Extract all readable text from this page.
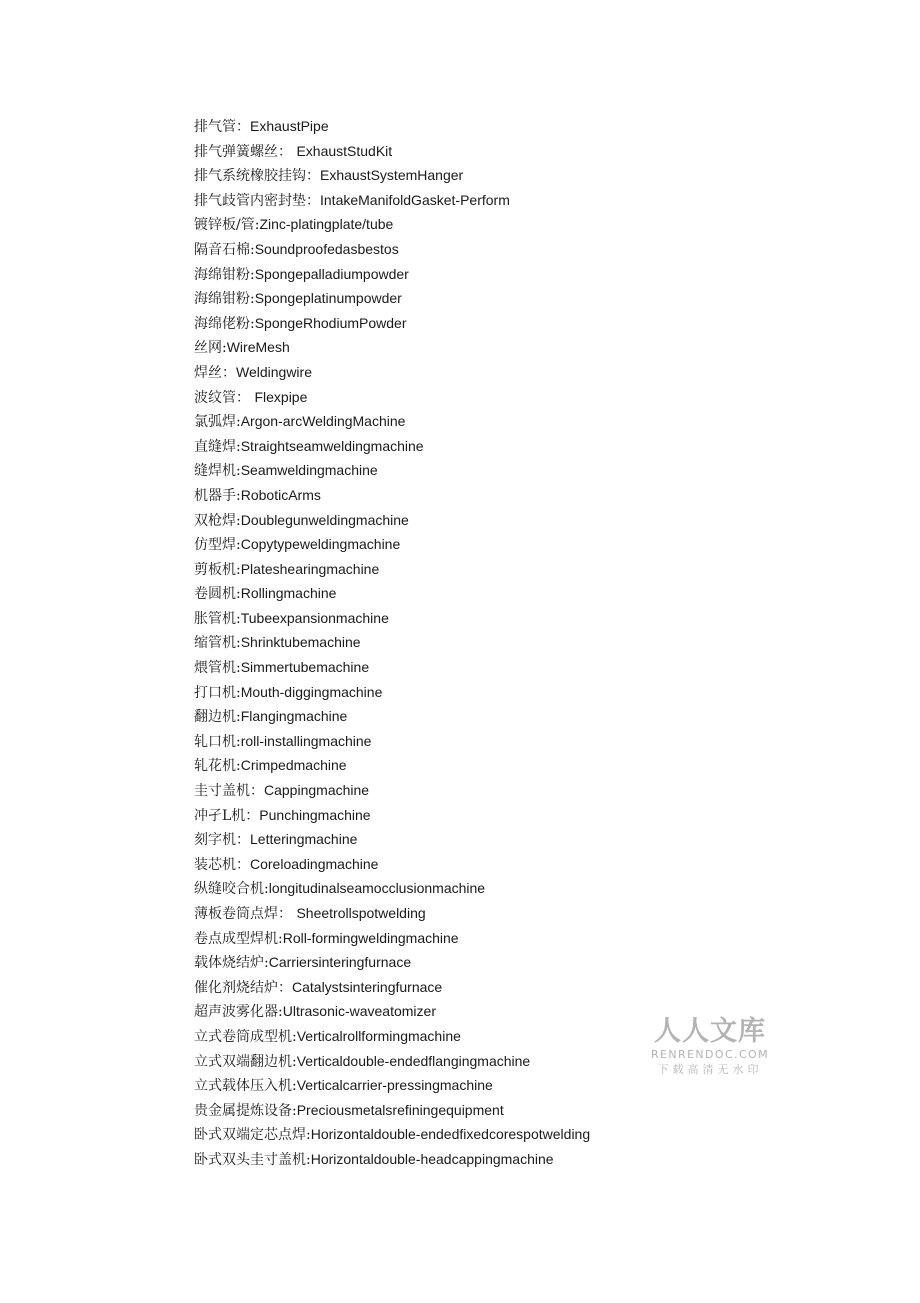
排气管：ExhaustPipe
排气弹簧螺丝： ExhaustStudKit
排气系统橡胶挂钩：ExhaustSystemHanger
排气歧管内密封垫：IntakeManifoldGasket-Perform
镀锌板/管:Zinc-platingplate/tube
隔音石棉:Soundproofedasbestos
海绵钳粉:Spongepalladiumpowder
海绵钳粉:Spongeplatinumpowder
海绵佬粉:SpongeRhodiumPowder
丝网:WireMesh
焊丝：Weldingwire
波纹管： Flexpipe
氯弧焊:Argon-arcWeldingMachine
直缝焊:Straightseamweldingmachine
缝焊机:Seamweldingmachine
机器手:RoboticArms
双枪焊:Doublegunweldingmachine
仿型焊:Copytypeweldingmachine
剪板机:Plateshearingmachine
卷圆机:Rollingmachine
胀管机:Tubeexpansionmachine
缩管机:Shrinktubemachine
煨管机:Simmertubemachine
打口机:Mouth-diggingmachine
翻边机:Flangingmachine
轧口机:roll-installingmachine
轧花机:Crimpedmachine
圭寸盖机：Cappingmachine
冲孑L机：Punchingmachine
刻字机：Letteringmachine
装芯机：Coreloadingmachine
纵缝咬合机:longitudinalseamocclusionmachine
薄板卷筒点焊： Sheetrollspotwelding
卷点成型焊机:Roll-formingweldingmachine
载体烧结炉:Carriersinteringfurnace
催化剂烧结炉：Catalystsinteringfurnace
超声波雾化器:Ultrasonic-waveatomizer
立式卷筒成型机:Verticalrollformingmachine
立式双端翻边机:Verticaldouble-endedflangingmachine
立式载体压入机:Verticalcarrier-pressingmachine
贵金属提炼设备:Preciousmetalsrefiningequipment
卧式双端定芯点焊:Horizontaldouble-endedfixedcorespotwelding
卧式双头圭寸盖机:Horizontaldouble-headcappingmachine
人人文库
RENRENDOC.COM
下载高清无水印
